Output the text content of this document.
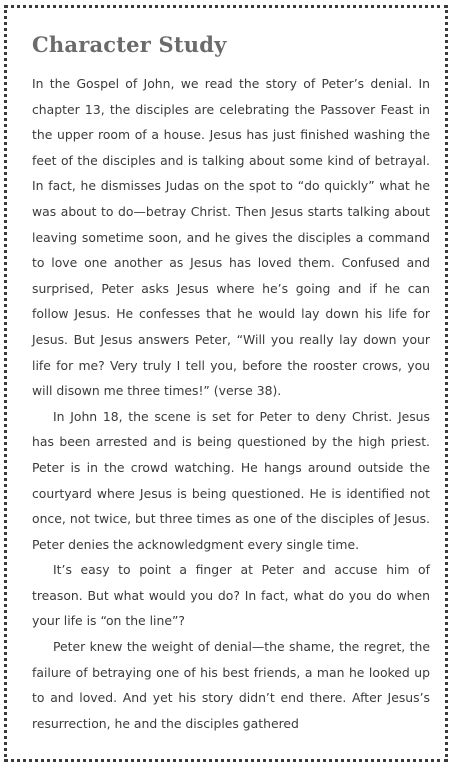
Character Study

In the Gospel of John, we read the story of Peter’s denial. In chapter 13, the disciples are celebrating the Passover Feast in the upper room of a house. Jesus has just finished washing the feet of the disciples and is talking about some kind of betrayal. In fact, he dismisses Judas on the spot to “do quickly” what he was about to do—betray Christ. Then Jesus starts talking about leaving sometime soon, and he gives the disciples a command to love one another as Jesus has loved them. Confused and surprised, Peter asks Jesus where he’s going and if he can follow Jesus. He confesses that he would lay down his life for Jesus. But Jesus answers Peter, “Will you really lay down your life for me? Very truly I tell you, before the rooster crows, you will disown me three times!” (verse 38).

In John 18, the scene is set for Peter to deny Christ. Jesus has been arrested and is being questioned by the high priest. Peter is in the crowd watching. He hangs around outside the courtyard where Jesus is being questioned. He is identified not once, not twice, but three times as one of the disciples of Jesus. Peter denies the acknowledgment every single time.

It’s easy to point a finger at Peter and accuse him of treason. But what would you do? In fact, what do you do when your life is “on the line”?

Peter knew the weight of denial—the shame, the regret, the failure of betraying one of his best friends, a man he looked up to and loved. And yet his story didn’t end there. After Jesus’s resurrection, he and the disciples gathered
